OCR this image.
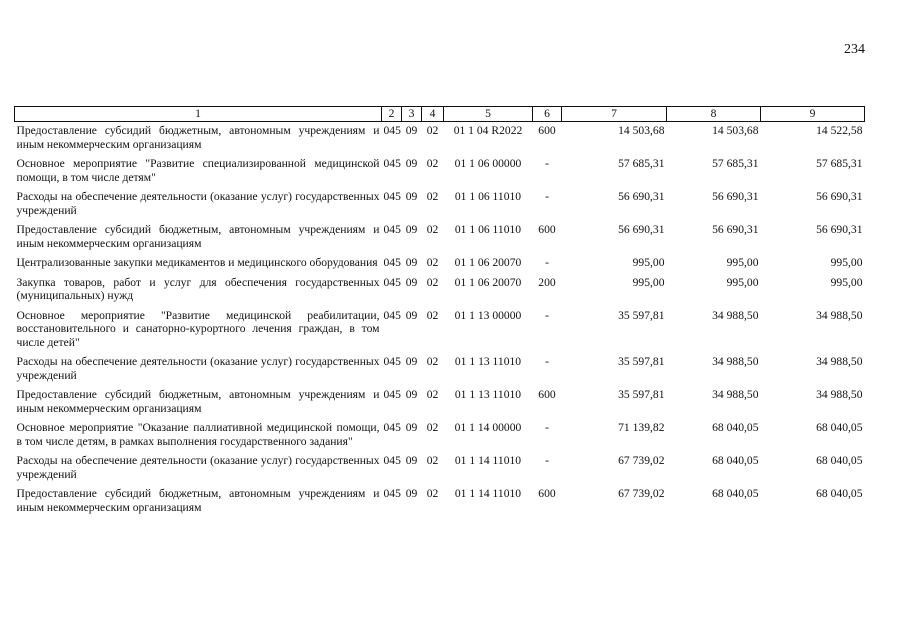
234
1	2	3	4	5	6	7	8	9
Предоставление субсидий бюджетным, автономным учреждениям и иным некоммерческим организациям	045	09	02	01 1 04 R2022	600	14 503,68	14 503,68	14 522,58
Основное мероприятие "Развитие специализированной медицинской помощи, в том числе детям"	045	09	02	01 1 06 00000	-	57 685,31	57 685,31	57 685,31
Расходы на обеспечение деятельности (оказание услуг) государственных учреждений	045	09	02	01 1 06 11010	-	56 690,31	56 690,31	56 690,31
Предоставление субсидий бюджетным, автономным учреждениям и иным некоммерческим организациям	045	09	02	01 1 06 11010	600	56 690,31	56 690,31	56 690,31
Централизованные закупки медикаментов и медицинского оборудования	045	09	02	01 1 06 20070	-	995,00	995,00	995,00
Закупка товаров, работ и услуг для обеспечения государственных (муниципальных) нужд	045	09	02	01 1 06 20070	200	995,00	995,00	995,00
Основное мероприятие "Развитие медицинской реабилитации, восстановительного и санаторно-курортного лечения граждан, в том числе детей"	045	09	02	01 1 13 00000	-	35 597,81	34 988,50	34 988,50
Расходы на обеспечение деятельности (оказание услуг) государственных учреждений	045	09	02	01 1 13 11010	-	35 597,81	34 988,50	34 988,50
Предоставление субсидий бюджетным, автономным учреждениям и иным некоммерческим организациям	045	09	02	01 1 13 11010	600	35 597,81	34 988,50	34 988,50
Основное мероприятие "Оказание паллиативной медицинской помощи, в том числе детям, в рамках выполнения государственного задания"	045	09	02	01 1 14 00000	-	71 139,82	68 040,05	68 040,05
Расходы на обеспечение деятельности (оказание услуг) государственных учреждений	045	09	02	01 1 14 11010	-	67 739,02	68 040,05	68 040,05
Предоставление субсидий бюджетным, автономным учреждениям и иным некоммерческим организациям	045	09	02	01 1 14 11010	600	67 739,02	68 040,05	68 040,05
